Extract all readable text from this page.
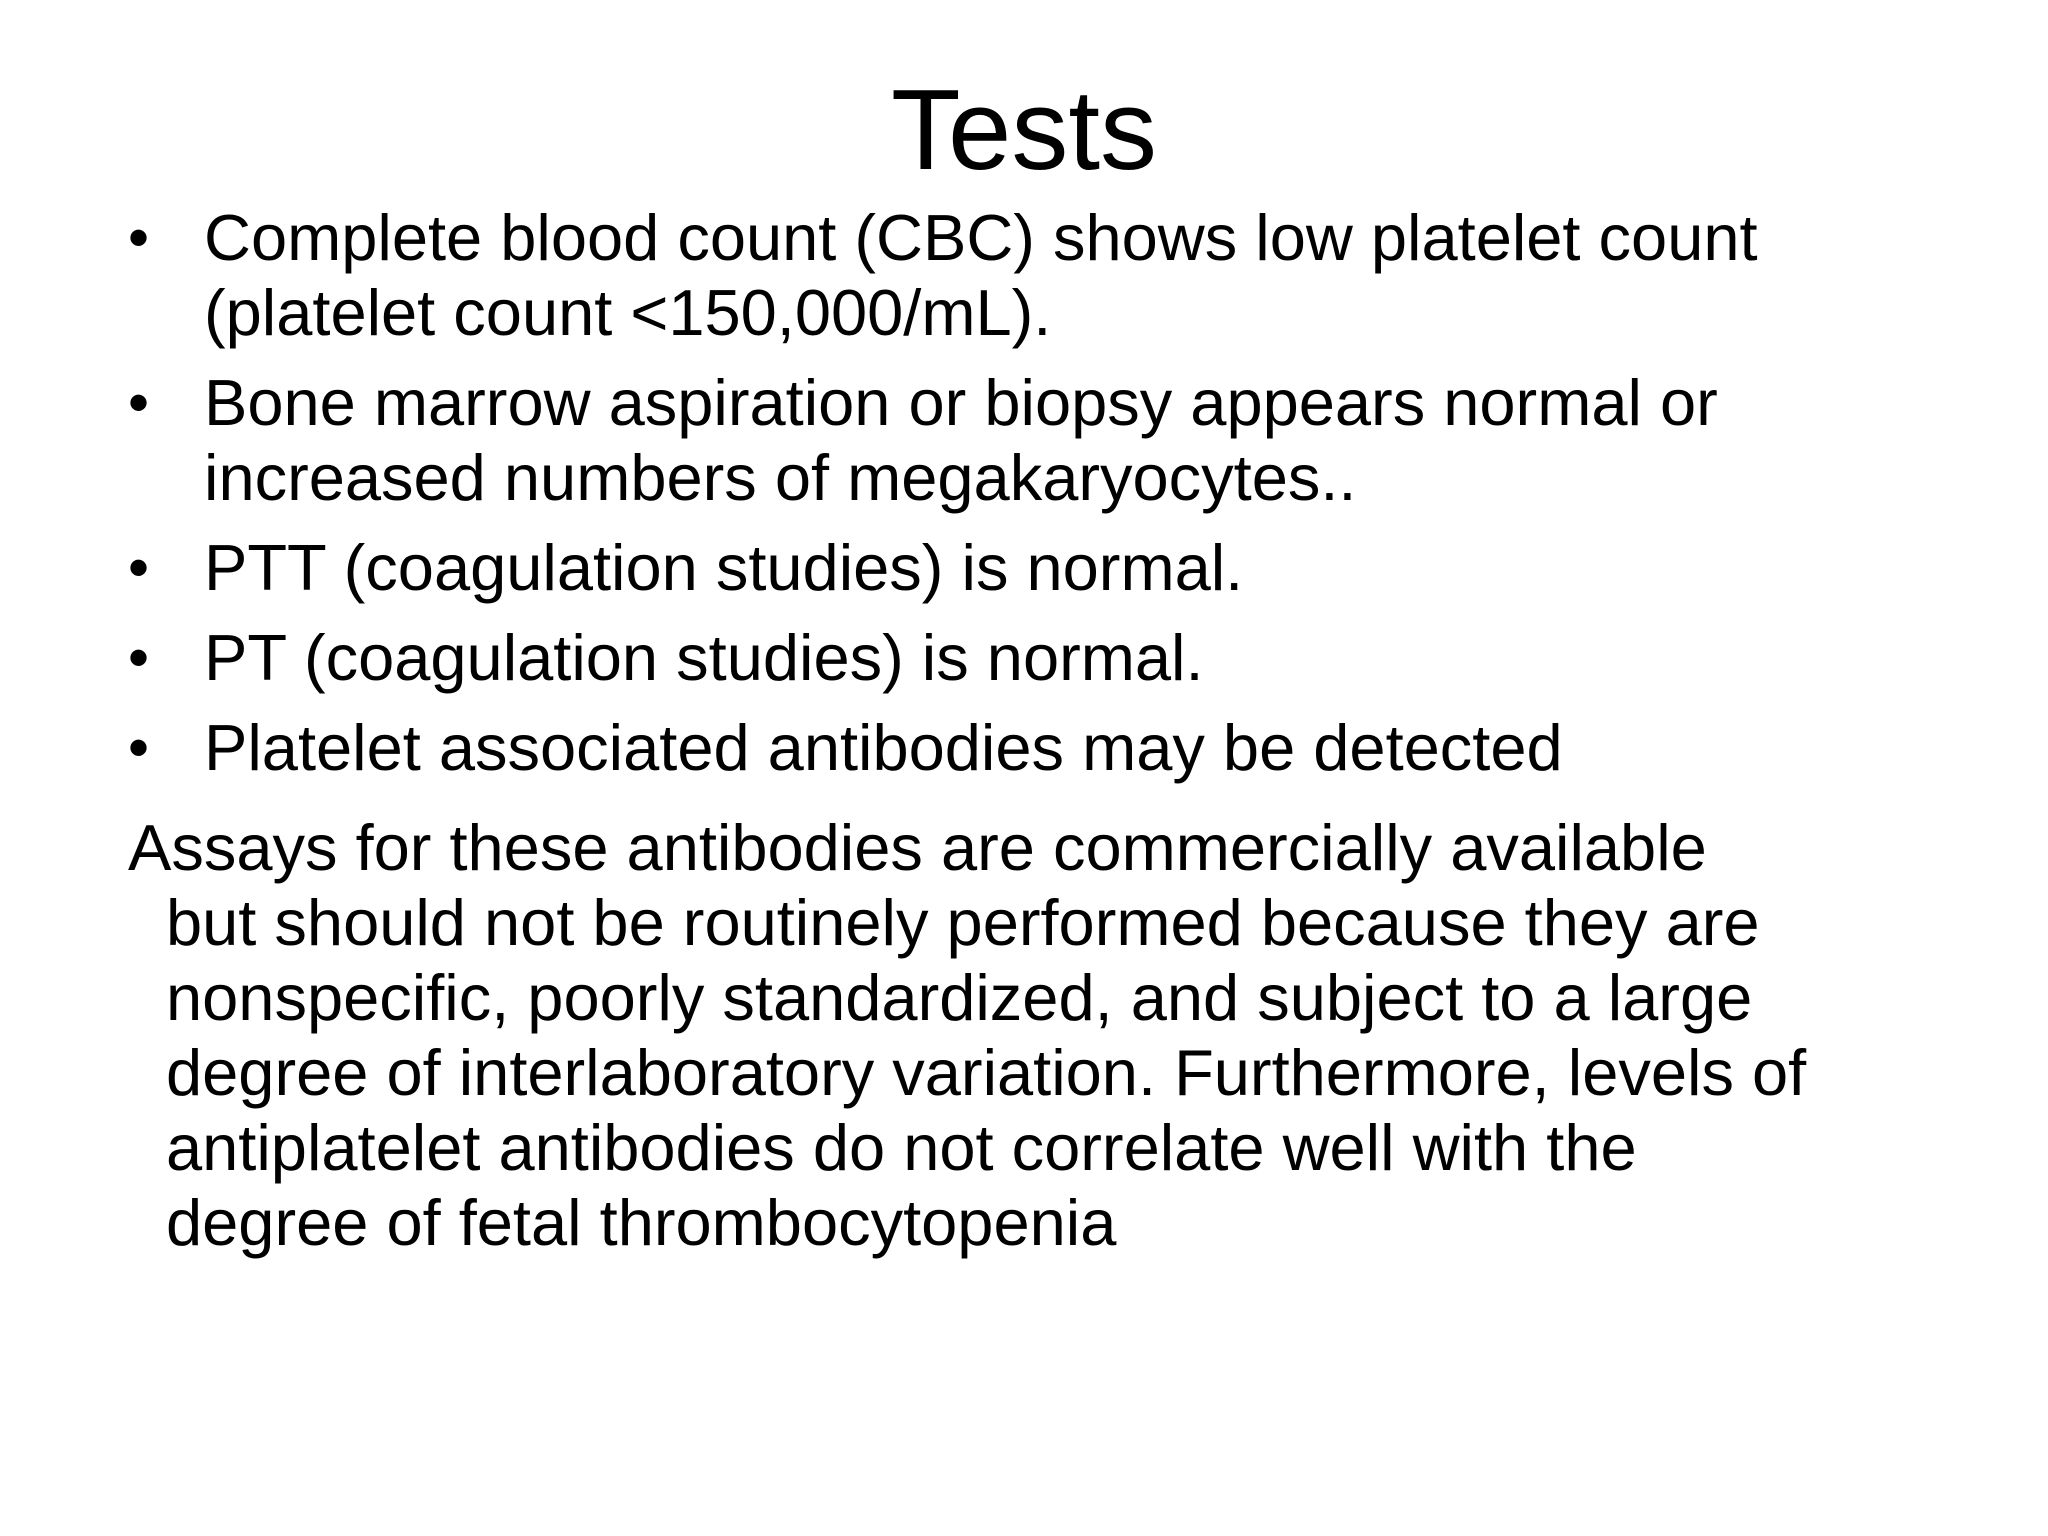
Tests
• Complete blood count (CBC) shows low platelet count
(platelet count <150,000/mL).
• Bone marrow aspiration or biopsy appears normal or
increased numbers of megakaryocytes..
• PTT (coagulation studies) is normal.
• PT (coagulation studies) is normal.
• Platelet associated antibodies may be detected

Assays for these antibodies are commercially available
but should not be routinely performed because they are
nonspecific, poorly standardized, and subject to a large
degree of interlaboratory variation. Furthermore, levels of
antiplatelet antibodies do not correlate well with the
degree of fetal thrombocytopenia
